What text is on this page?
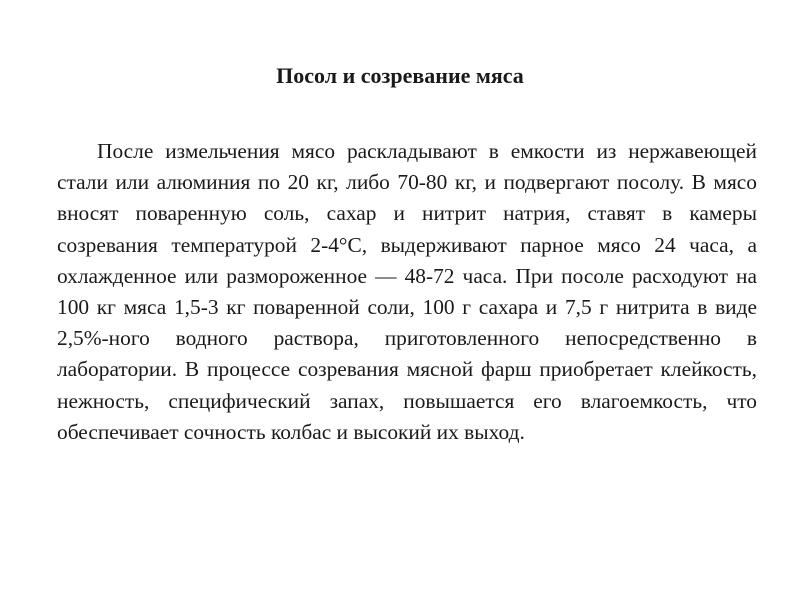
Посол и созревание мяса

После измельчения мясо раскладывают в емкости из нержавеющей стали или алюминия по 20 кг, либо 70-80 кг, и подвергают посолу. В мясо вносят поваренную соль, сахар и нитрит натрия, ставят в камеры созревания температурой 2-4°С, выдерживают парное мясо 24 часа, а охлажденное или размороженное — 48-72 часа. При посоле расходуют на 100 кг мяса 1,5-3 кг поваренной соли, 100 г сахара и 7,5 г нитрита в виде 2,5%-ного водного раствора, приготовленного непосредственно в лаборатории. В процессе созревания мясной фарш приобретает клейкость, нежность, специфический запах, повышается его влагоемкость, что обеспечивает сочность колбас и высокий их выход.
